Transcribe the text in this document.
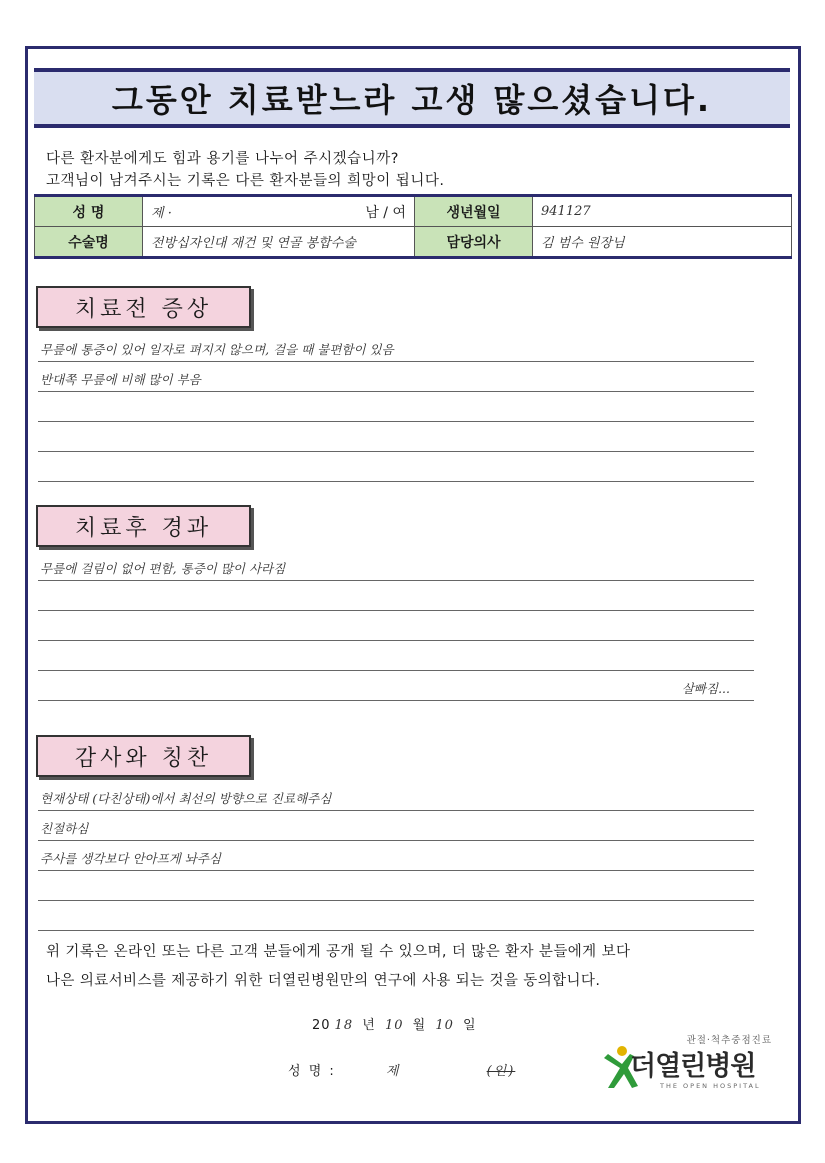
그동안 치료받느라 고생 많으셨습니다.
다른 환자분에게도 힘과 용기를 나누어 주시겠습니까?
고객님이 남겨주시는 기록은 다른 환자분들의 희망이 됩니다.
성 명	제 · 남 / 여	생년월일	941127
수술명	전방십자인대 재건 및 연골 봉합수술	담당의사	김 범수 원장님
치료전 증상
무릎에 통증이 있어 일자로 펴지지 않으며, 걸을 때 불편함이 있음
반대쪽 무릎에 비해 많이 부음
치료후 경과
무릎에 걸림이 없어 편함, 통증이 많이 사라짐
살빠짐...
감사와 칭찬
현재상태 (다친상태)에서 최선의 방향으로 진료해주심
친절하심
주사를 생각보다 안아프게 놔주심
위 기록은 온라인 또는 다른 고객 분들에게 공개 될 수 있으며, 더 많은 환자 분들에게 보다
나은 의료서비스를 제공하기 위한 더열린병원만의 연구에 사용 되는 것을 동의합니다.
20 18 년 10 월 10 일
성 명 :	제	(인)
관절·척추중점진료
더열린병원
THE OPEN HOSPITAL
